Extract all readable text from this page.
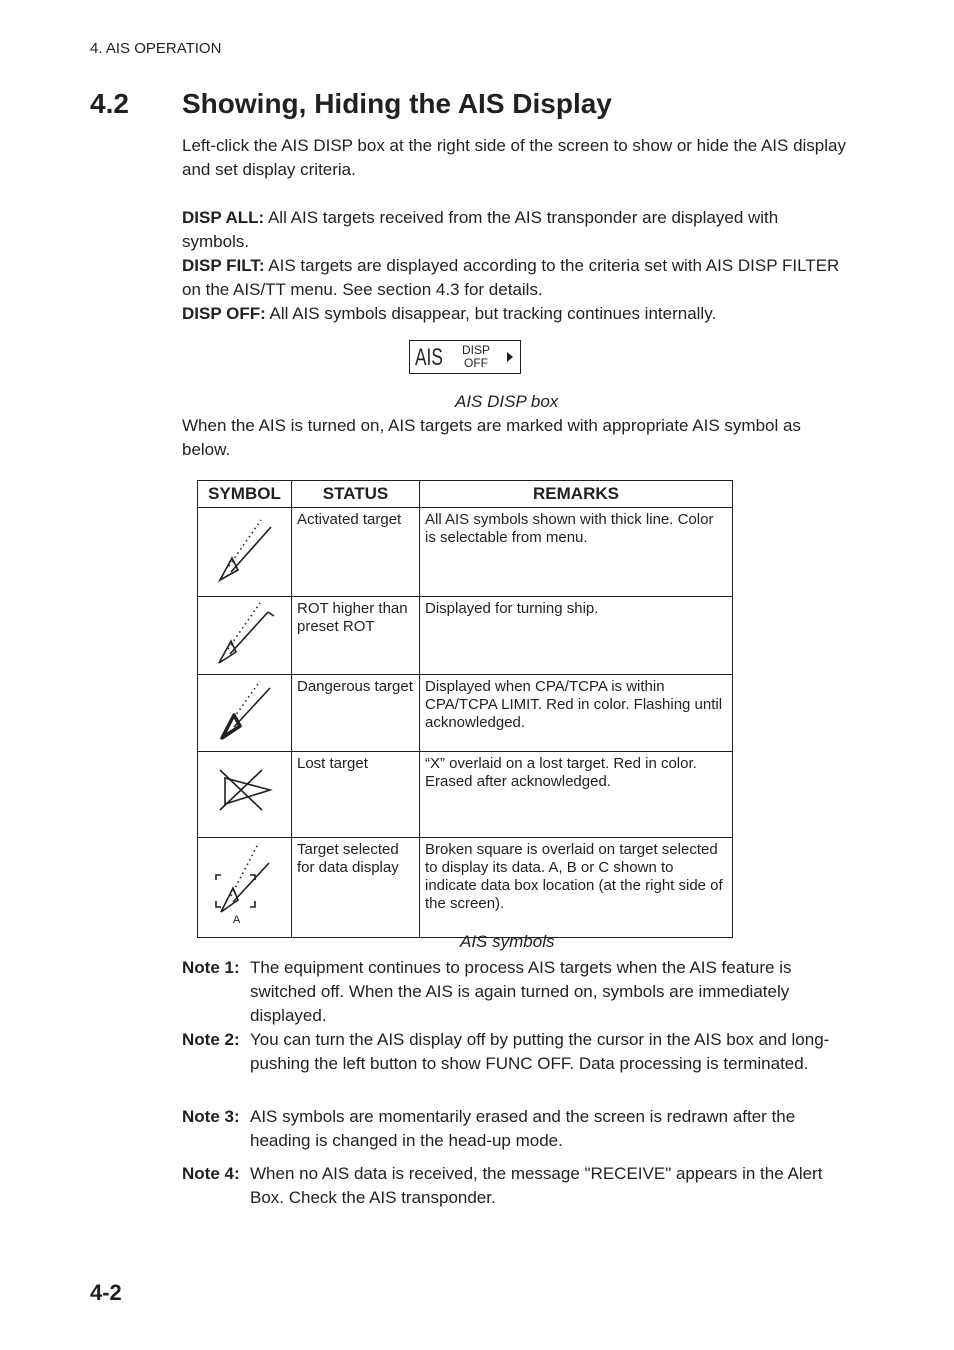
4. AIS OPERATION
4.2 Showing, Hiding the AIS Display

Left-click the AIS DISP box at the right side of the screen to show or hide the AIS display and set display criteria.

DISP ALL: All AIS targets received from the AIS transponder are displayed with symbols.
DISP FILT: AIS targets are displayed according to the criteria set with AIS DISP FILTER on the AIS/TT menu. See section 4.3 for details.
DISP OFF: All AIS symbols disappear, but tracking continues internally.
AIS DISP
OFF
AIS DISP box

When the AIS is turned on, AIS targets are marked with appropriate AIS symbol as below.

SYMBOL	STATUS	REMARKS
	Activated target	All AIS symbols shown with thick line. Color is selectable from menu.
	ROT higher than preset ROT	Displayed for turning ship.
	Dangerous target	Displayed when CPA/TCPA is within CPA/TCPA LIMIT. Red in color. Flashing until acknowledged.
	Lost target	“X” overlaid on a lost target. Red in color. Erased after acknowledged.

A	Target selected for data display	Broken square is overlaid on target selected to display its data. A, B or C shown to indicate data box location (at the right side of the screen).
AIS symbols
Note 1: The equipment continues to process AIS targets when the AIS feature is switched off. When the AIS is again turned on, symbols are immediately displayed.
Note 2: You can turn the AIS display off by putting the cursor in the AIS box and long-pushing the left button to show FUNC OFF. Data processing is terminated.
Note 3: AIS symbols are momentarily erased and the screen is redrawn after the heading is changed in the head-up mode.
Note 4: When no AIS data is received, the message "RECEIVE" appears in the Alert Box. Check the AIS transponder.
4-2
